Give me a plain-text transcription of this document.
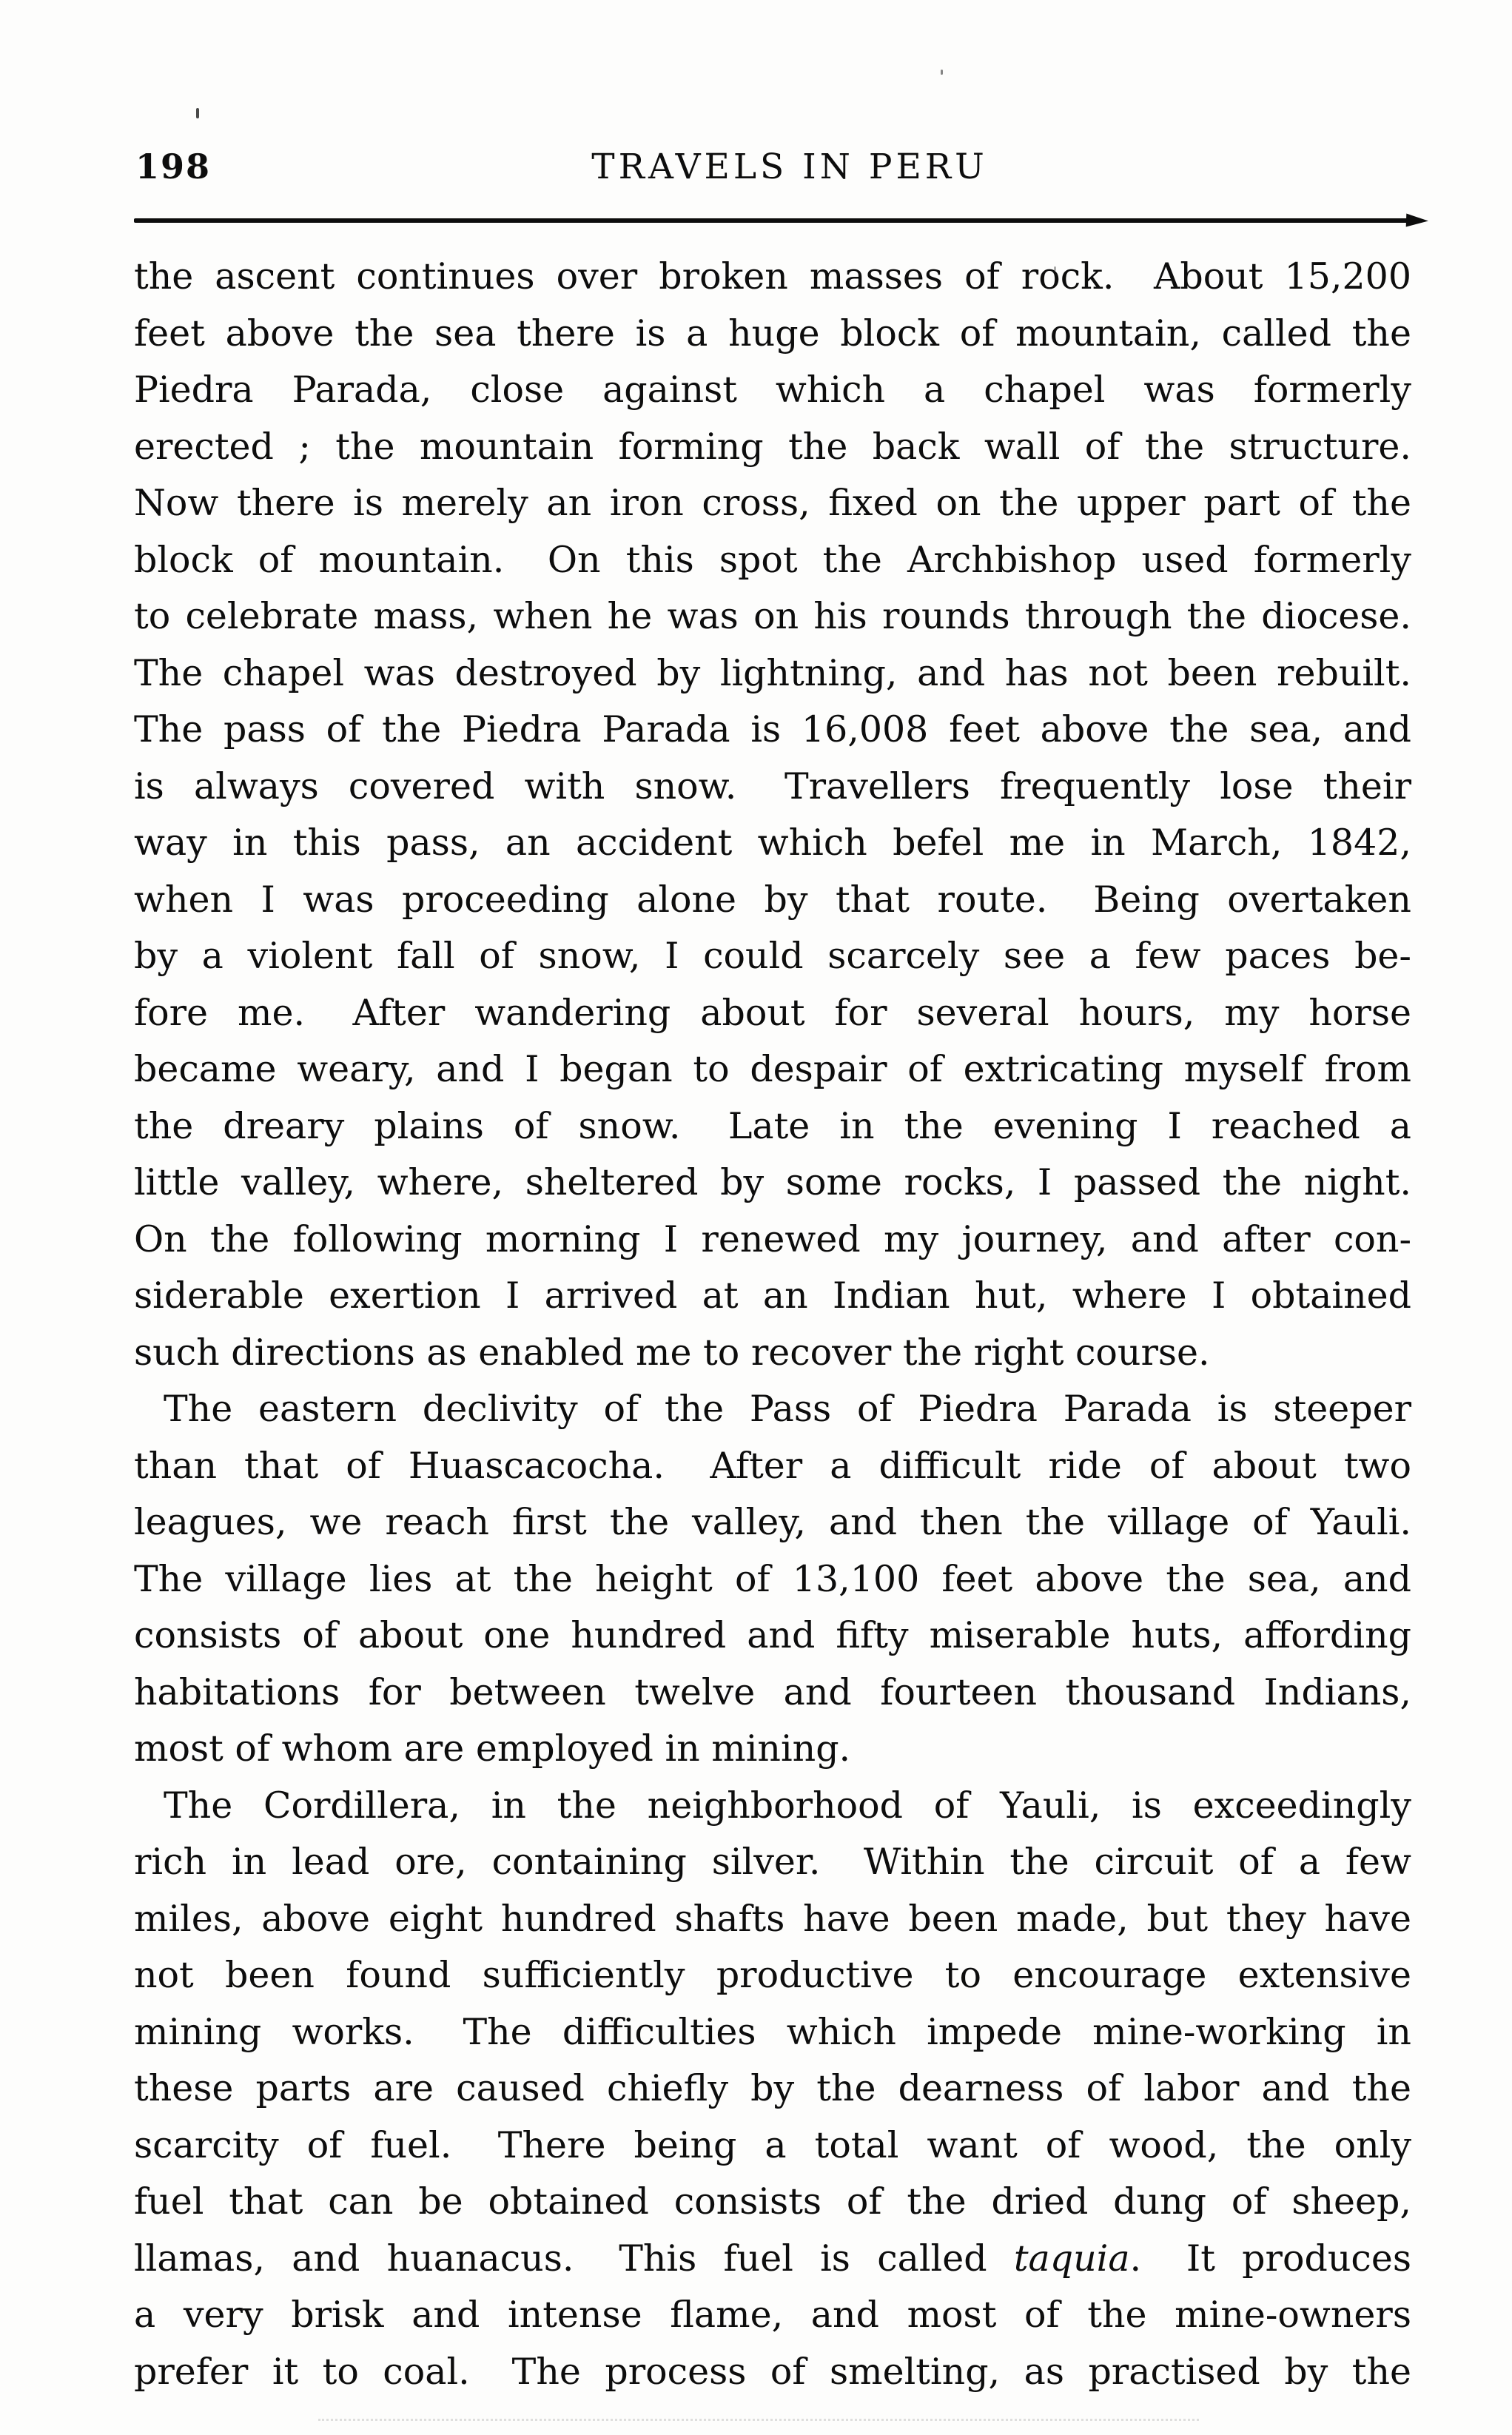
198	TRAVELS IN PERU
the ascent continues over broken masses of rock.  About 15,200
feet above the sea there is a huge block of mountain, called the
Piedra Parada, close against which a chapel was formerly
erected ; the mountain forming the back wall of the structure.
Now there is merely an iron cross, fixed on the upper part of the
block of mountain.  On this spot the Archbishop used formerly
to celebrate mass, when he was on his rounds through the diocese.
The chapel was destroyed by lightning, and has not been rebuilt.
The pass of the Piedra Parada is 16,008 feet above the sea, and
is always covered with snow.  Travellers frequently lose their
way in this pass, an accident which befel me in March, 1842,
when I was proceeding alone by that route.  Being overtaken
by a violent fall of snow, I could scarcely see a few paces be-
fore me.  After wandering about for several hours, my horse
became weary, and I began to despair of extricating myself from
the dreary plains of snow.  Late in the evening I reached a
little valley, where, sheltered by some rocks, I passed the night.
On the following morning I renewed my journey, and after con-
siderable exertion I arrived at an Indian hut, where I obtained
such directions as enabled me to recover the right course.
The eastern declivity of the Pass of Piedra Parada is steeper
than that of Huascacocha.  After a difficult ride of about two
leagues, we reach first the valley, and then the village of Yauli.
The village lies at the height of 13,100 feet above the sea, and
consists of about one hundred and fifty miserable huts, affording
habitations for between twelve and fourteen thousand Indians,
most of whom are employed in mining.
The Cordillera, in the neighborhood of Yauli, is exceedingly
rich in lead ore, containing silver.  Within the circuit of a few
miles, above eight hundred shafts have been made, but they have
not been found sufficiently productive to encourage extensive
mining works.  The difficulties which impede mine-working in
these parts are caused chiefly by the dearness of labor and the
scarcity of fuel.  There being a total want of wood, the only
fuel that can be obtained consists of the dried dung of sheep,
llamas, and huanacus.  This fuel is called taquia.  It produces
a very brisk and intense flame, and most of the mine-owners
prefer it to coal.  The process of smelting, as practised by the
